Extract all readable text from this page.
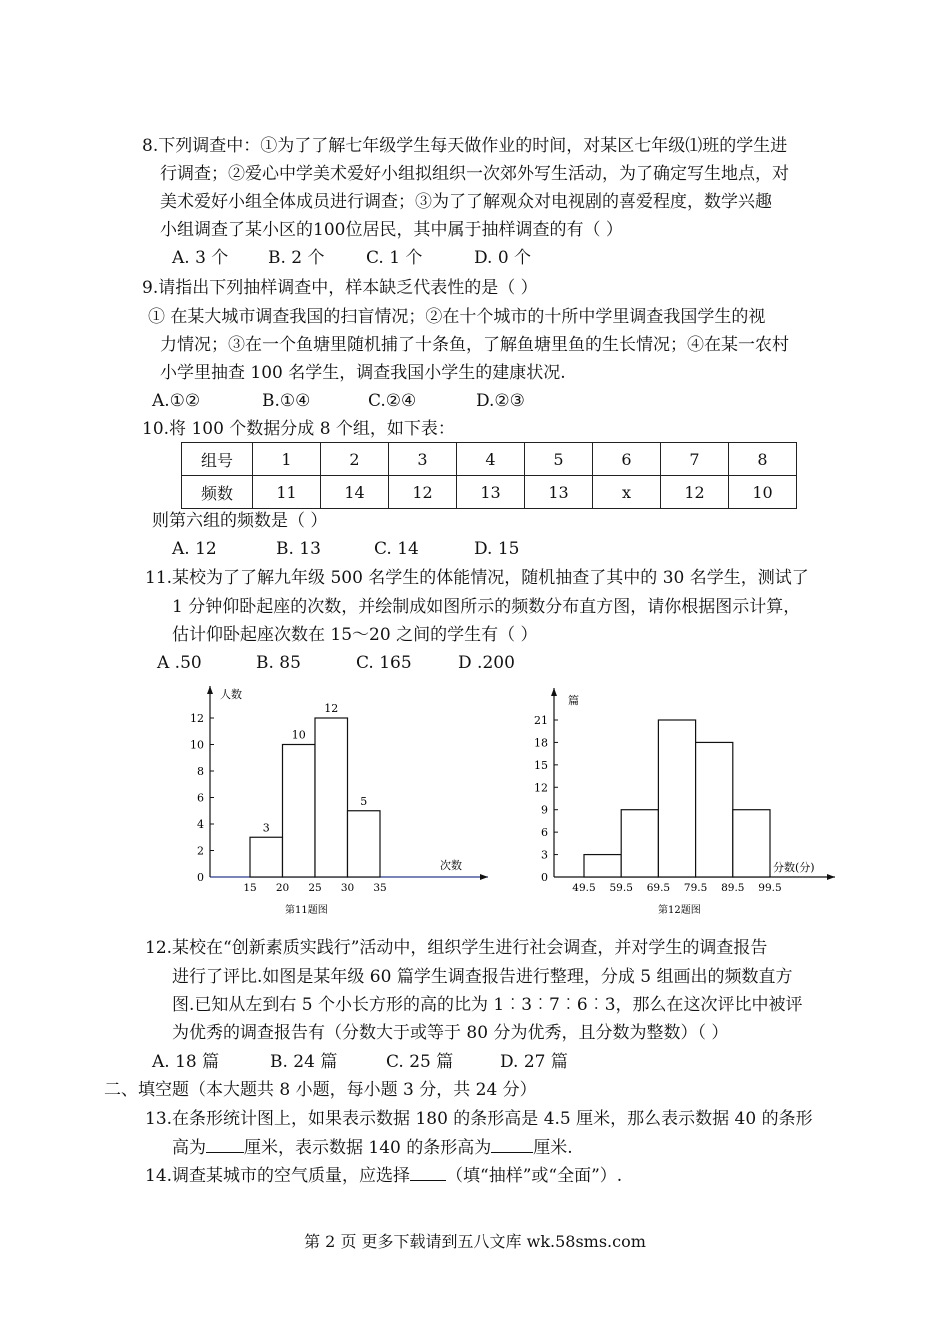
8.下列调查中：①为了了解七年级学生每天做作业的时间，对某区七年级⑴班的学生进
行调查；②爱心中学美术爱好小组拟组织一次郊外写生活动，为了确定写生地点，对
美术爱好小组全体成员进行调查；③为了了解观众对电视剧的喜爱程度，数学兴趣
小组调查了某小区的100位居民，其中属于抽样调查的有（ ）
A. 3 个 B. 2 个 C. 1 个	D. 0 个
9.请指出下列抽样调查中，样本缺乏代表性的是（ ）
① 在某大城市调查我国的扫盲情况；②在十个城市的十所中学里调查我国学生的视
力情况；③在一个鱼塘里随机捕了十条鱼，了解鱼塘里鱼的生长情况；④在某一农村
小学里抽查 100 名学生，调查我国小学生的建康状况.
A.①②	B.①④	C.②④	D.②③
10.将 100 个数据分成 8 个组，如下表：
组号	1	2	3	4	5	6	7	8
频数	11	14	12	13	13	x	12	10
则第六组的频数是（ ）
A. 12	B. 13	C. 14	D. 15
11.某校为了了解九年级 500 名学生的体能情况，随机抽查了其中的 30 名学生，测试了
1 分钟仰卧起座的次数，并绘制成如图所示的频数分布直方图，请你根据图示计算，
估计仰卧起座次数在 15～20 之间的学生有（ ）
A .50	B. 85	C. 165	D .200
0
2
4
6
8
10
12
15 20 25 30 35
3
10
12
5
人数
次数
第11题图
0
3
6
9
12
15
18
21
49.5 59.5 69.5 79.5 89.5 99.5
篇
分数(分)
第12题图
12.某校在“创新素质实践行”活动中，组织学生进行社会调查，并对学生的调查报告
进行了评比.如图是某年级 60 篇学生调查报告进行整理，分成 5 组画出的频数直方
图.已知从左到右 5 个小长方形的高的比为 1︰3︰7︰6︰3，那么在这次评比中被评
为优秀的调查报告有（分数大于或等于 80 分为优秀，且分数为整数）（ ）
A. 18 篇	B. 24 篇	C. 25 篇	D. 27 篇
二、填空题（本大题共 8 小题，每小题 3 分，共 24 分）
13.在条形统计图上，如果表示数据 180 的条形高是 4.5 厘米，那么表示数据 40 的条形
高为 厘米，表示数据 140 的条形高为 厘米.
14.调查某城市的空气质量，应选择 （填“抽样”或“全面”）.
第 2 页 更多下载请到五八文库 wk.58sms.com
